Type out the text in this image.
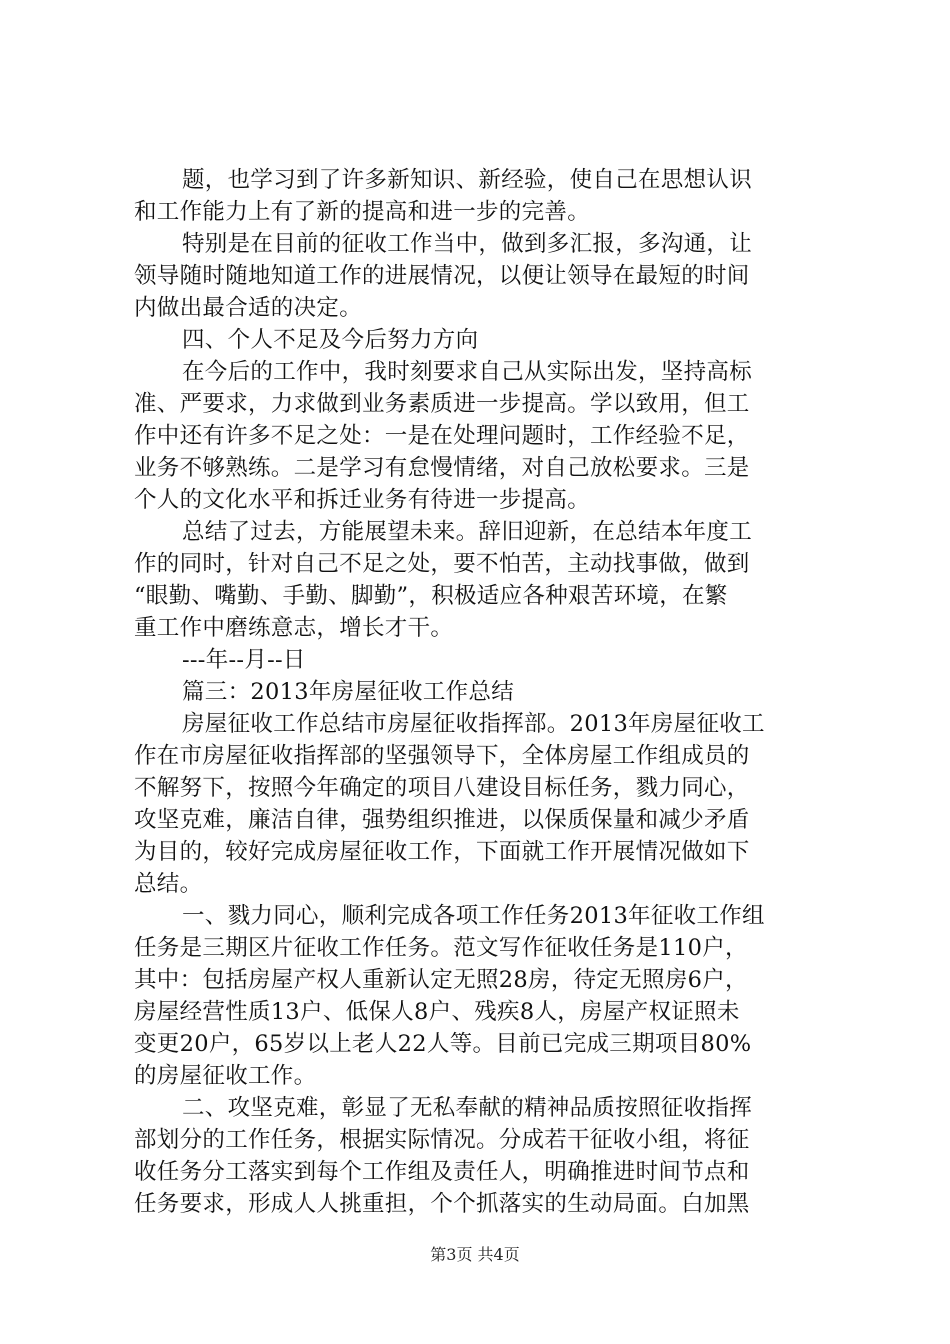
题，也学习到了许多新知识、新经验，使自己在思想认识
和工作能力上有了新的提高和进一步的完善。
特别是在目前的征收工作当中，做到多汇报，多沟通，让
领导随时随地知道工作的进展情况，以便让领导在最短的时间
内做出最合适的决定。
四、个人不足及今后努力方向
在今后的工作中，我时刻要求自己从实际出发，坚持高标
准、严要求，力求做到业务素质进一步提高。学以致用，但工
作中还有许多不足之处：一是在处理问题时，工作经验不足，
业务不够熟练。二是学习有怠慢情绪，对自己放松要求。三是
个人的文化水平和拆迁业务有待进一步提高。
总结了过去，方能展望未来。辞旧迎新，在总结本年度工
作的同时，针对自己不足之处，要不怕苦，主动找事做，做到
“眼勤、嘴勤、手勤、脚勤”，积极适应各种艰苦环境，在繁
重工作中磨练意志，增长才干。
---年--月--日
篇三：2013年房屋征收工作总结
房屋征收工作总结市房屋征收指挥部。2013年房屋征收工
作在市房屋征收指挥部的坚强领导下，全体房屋工作组成员的
不解努下，按照今年确定的项目八建设目标任务，戮力同心，
攻坚克难，廉洁自律，强势组织推进，以保质保量和减少矛盾
为目的，较好完成房屋征收工作，下面就工作开展情况做如下
总结。
一、戮力同心，顺利完成各项工作任务2013年征收工作组
任务是三期区片征收工作任务。范文写作征收任务是110户，
其中：包括房屋产权人重新认定无照28房，待定无照房6户，
房屋经营性质13户、低保人8户、残疾8人，房屋产权证照未
变更20户，65岁以上老人22人等。目前已完成三期项目80%
的房屋征收工作。
二、攻坚克难，彰显了无私奉献的精神品质按照征收指挥
部划分的工作任务，根据实际情况。分成若干征收小组，将征
收任务分工落实到每个工作组及责任人，明确推进时间节点和
任务要求，形成人人挑重担，个个抓落实的生动局面。白加黑
第3页 共4页
